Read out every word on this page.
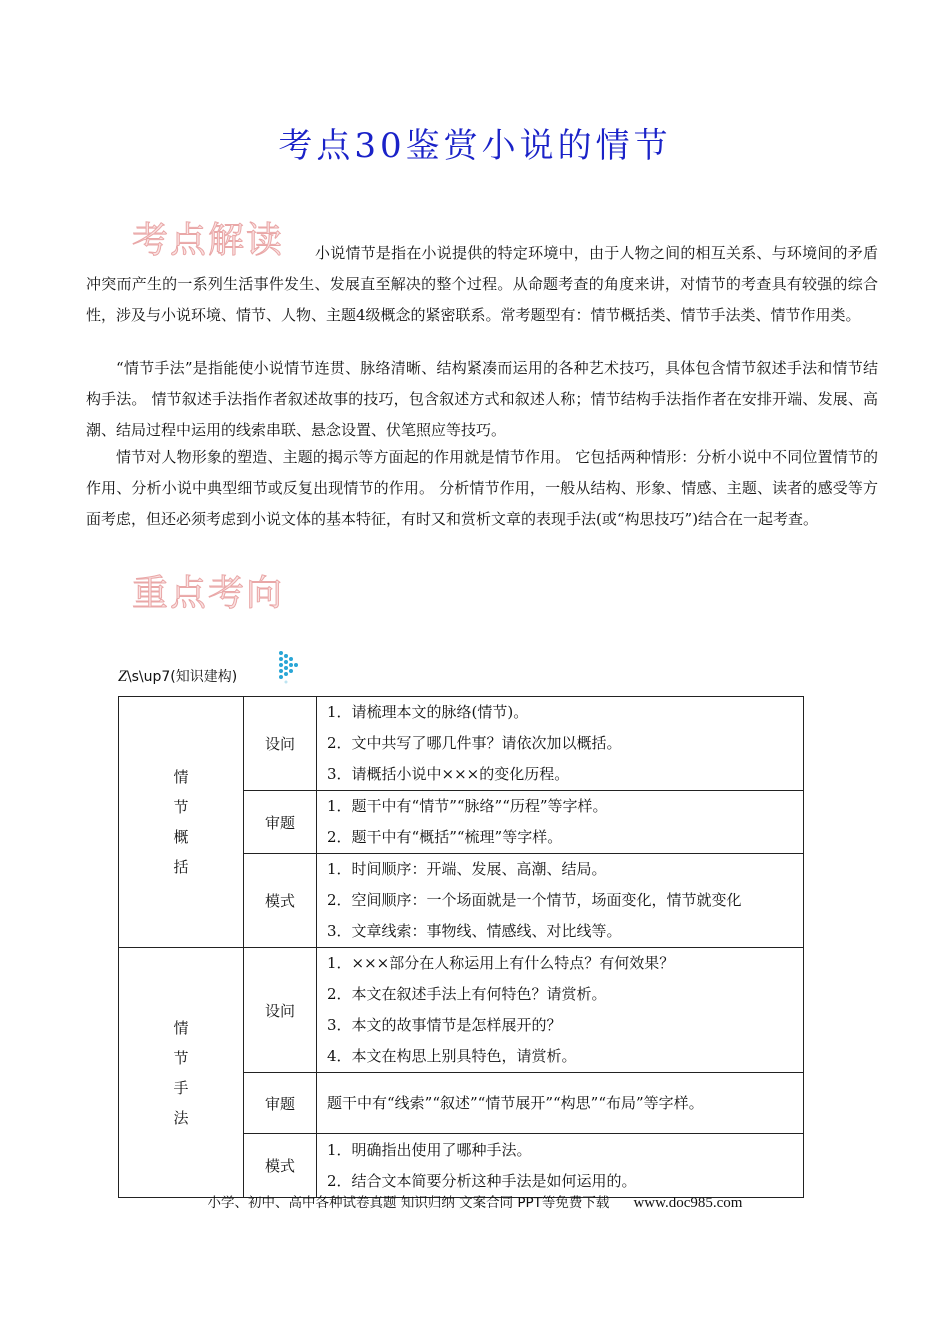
考点30鉴赏小说的情节
考点解读	小说情节是指在小说提供的特定环境中，由于人物之间的相互关系、与环境间的矛盾冲突而产生的一系列生活事件发生、发展直至解决的整个过程。从命题考查的角度来讲，对情节的考查具有较强的综合性，涉及与小说环境、情节、人物、主题4级概念的紧密联系。常考题型有：情节概括类、情节手法类、情节作用类。

“情节手法”是指能使小说情节连贯、脉络清晰、结构紧凑而运用的各种艺术技巧，具体包含情节叙述手法和情节结构手法。 情节叙述手法指作者叙述故事的技巧，包含叙述方式和叙述人称；情节结构手法指作者在安排开端、发展、高潮、结局过程中运用的线索串联、悬念设置、伏笔照应等技巧。

情节对人物形象的塑造、主题的揭示等方面起的作用就是情节作用。 它包括两种情形：分析小说中不同位置情节的作用、分析小说中典型细节或反复出现情节的作用。 分析情节作用，一般从结构、形象、情感、主题、读者的感受等方面考虑，但还必须考虑到小说文体的基本特征，有时又和赏析文章的表现手法(或“构思技巧”)结合在一起考查。

重点考向
Z\s\up7(知识建构)
情
节
概
括	设问	1．请梳理本文的脉络(情节)。
2．文中共写了哪几件事？请依次加以概括。
3．请概括小说中×××的变化历程。

	审题	1．题干中有“情节”“脉络”“历程”等字样。
2．题干中有“概括”“梳理”等字样。

	模式	1．时间顺序：开端、发展、高潮、结局。
2．空间顺序：一个场面就是一个情节，场面变化，情节就变化
3．文章线索：事物线、情感线、对比线等。

情
节
手
法	设问	1．×××部分在人称运用上有什么特点？有何效果？
2．本文在叙述手法上有何特色？请赏析。
3．本文的故事情节是怎样展开的？
4．本文在构思上别具特色，请赏析。

	审题	题干中有“线索”“叙述”“情节展开”“构思”“布局”等字样。

	模式	1．明确指出使用了哪种手法。
2．结合文本简要分析这种手法是如何运用的。
小学、初中、高中各种试卷真题 知识归纳 文案合同 PPT等免费下载 www.doc985.com
